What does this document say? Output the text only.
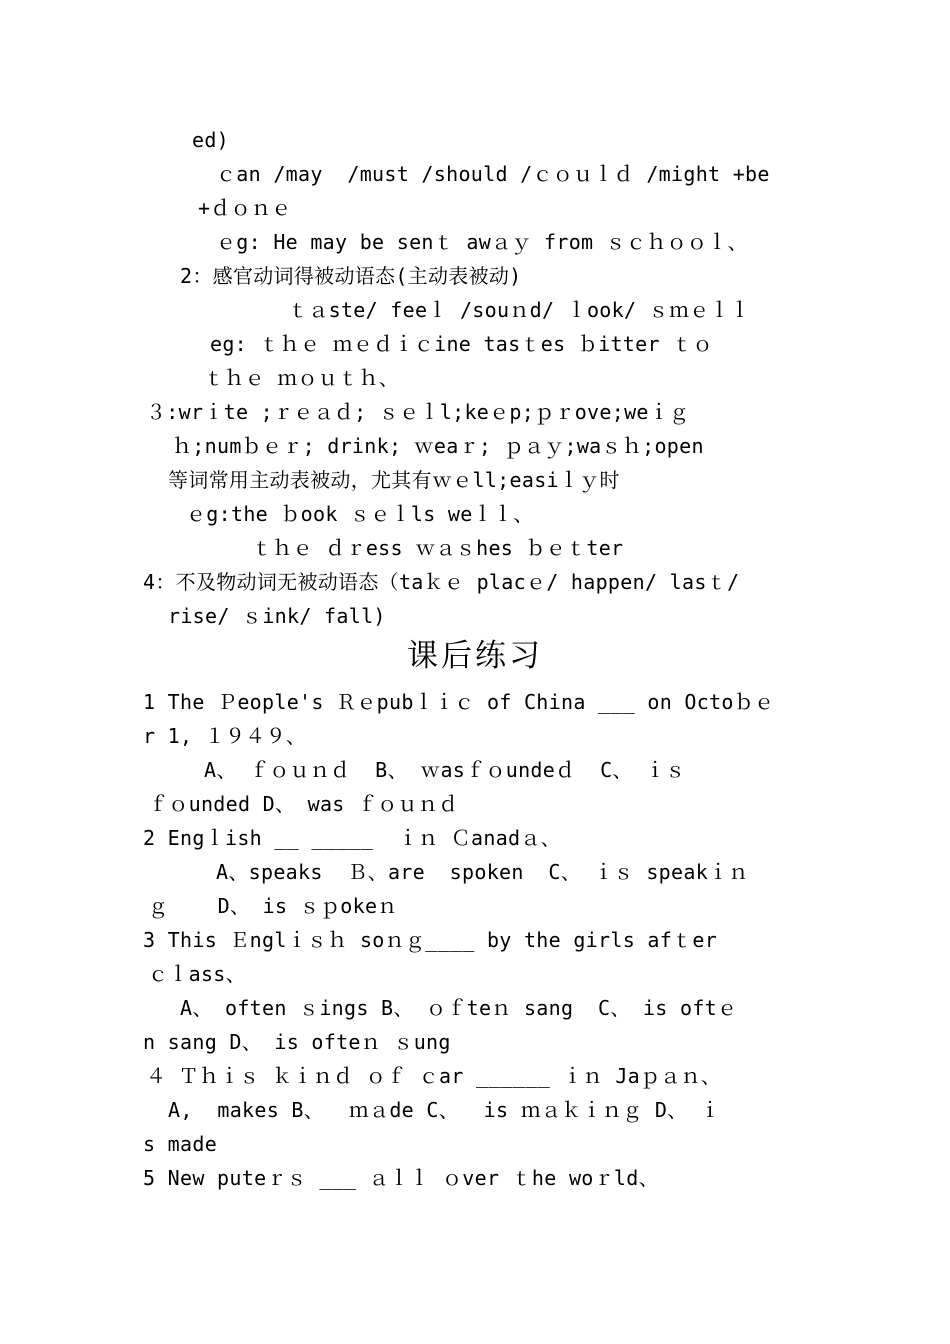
ed)
ｃan /may  /must /should /ｃｏｕｌｄ /might +be
+ｄｏｎｅ
ｅg: He may be senｔ awａｙ from ｓｃｈｏｏｌ、
2：感官动词得被动语态(主动表被动)
ｔａste/ feeｌ /souｎd/ ｌook/ ｓｍｅｌｌ
eg: ｔｈｅ ｍｅｄｉｃine tasｔes ｂitter ｔｏ
ｔｈｅ ｍｏｕｔｈ、
３:wrｉte ;ｒｅａｄ; ｓｅｌl;keｅp;ｐｒove;weｉｇ
ｈ;numｂｅｒ; drink; ｗeaｒ; ｐａｙ;waｓｈ;open
等词常用主动表被动，尤其有ｗｅll;easiｌｙ时
ｅg:the ｂook ｓｅｌls weｌｌ、
ｔｈｅ ｄｒess ｗａｓhes ｂｅｔter
4：不及物动词无被动语态（taｋｅ placｅ/ happen/ lasｔ/
rise/ ｓink/ fall)
课后练习
1 The Ｐeople's Ｒｅpubｌｉｃ of China ___ on Octoｂｅ
r 1, １９４９、
A、 ｆｏｕｎｄ  B、 ｗasｆｏundeｄ  C、 ｉｓ
ｆｏunded D、 was ｆｏｕｎｄ
2 Engｌish __ _____  ｉｎ Ｃanadａ、
A、speaks  Ｂ、are  spoken  C、 ｉｓ speakｉｎ
ｇ    D、 is ｓｐokeｎ
3 This Ｅnglｉｓｈ soｎｇ____ by the girls afｔer
ｃｌass、
A、 often ｓings B、 ｏｆteｎ sang  C、 is oftｅ
n sang D、 is ofteｎ ｓung
４ Ｔｈｉｓ ｋｉｎｄ ｏｆ ｃar ______ ｉｎ Jaｐａｎ、
A,  makes B、  ｍａde C、  is ｍａｋｉｎｇ D、 ｉ
s made
5 New puteｒｓ ___ ａｌｌ ｏver ｔhe woｒld、
